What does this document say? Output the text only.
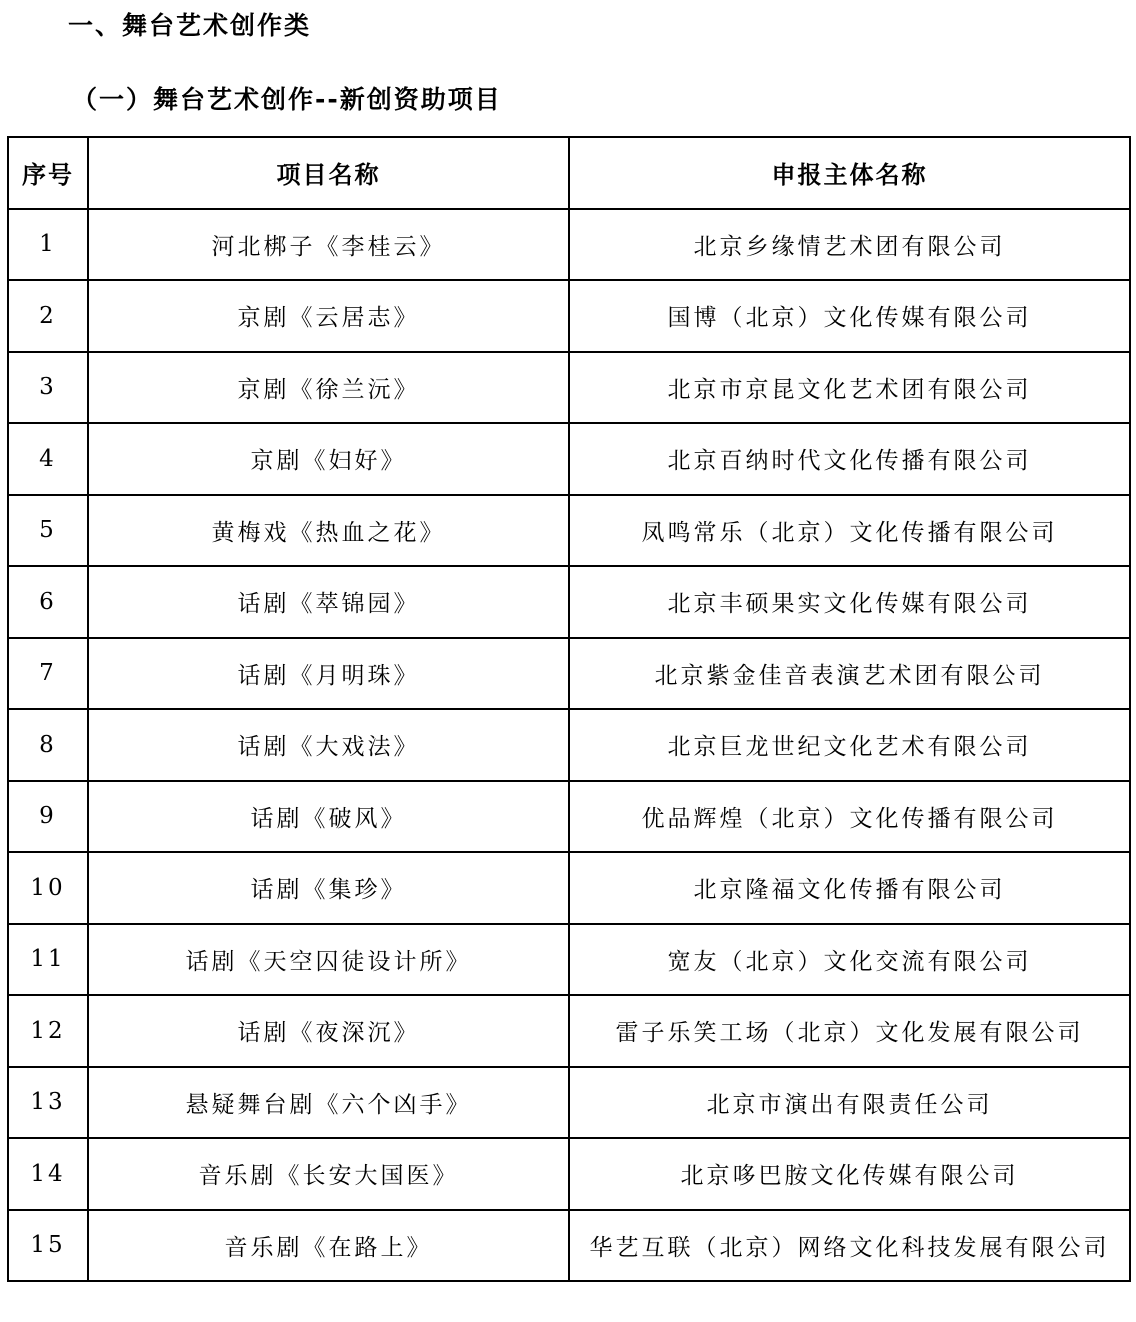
一、舞台艺术创作类
（一）舞台艺术创作--新创资助项目
序号	项目名称	申报主体名称
1	河北梆子《李桂云》	北京乡缘情艺术团有限公司
2	京剧《云居志》	国博（北京）文化传媒有限公司
3	京剧《徐兰沅》	北京市京昆文化艺术团有限公司
4	京剧《妇好》	北京百纳时代文化传播有限公司
5	黄梅戏《热血之花》	凤鸣常乐（北京）文化传播有限公司
6	话剧《萃锦园》	北京丰硕果实文化传媒有限公司
7	话剧《月明珠》	北京紫金佳音表演艺术团有限公司
8	话剧《大戏法》	北京巨龙世纪文化艺术有限公司
9	话剧《破风》	优品辉煌（北京）文化传播有限公司
10	话剧《集珍》	北京隆福文化传播有限公司
11	话剧《天空囚徒设计所》	宽友（北京）文化交流有限公司
12	话剧《夜深沉》	雷子乐笑工场（北京）文化发展有限公司
13	悬疑舞台剧《六个凶手》	北京市演出有限责任公司
14	音乐剧《长安大国医》	北京哆巴胺文化传媒有限公司
15	音乐剧《在路上》	华艺互联（北京）网络文化科技发展有限公司
